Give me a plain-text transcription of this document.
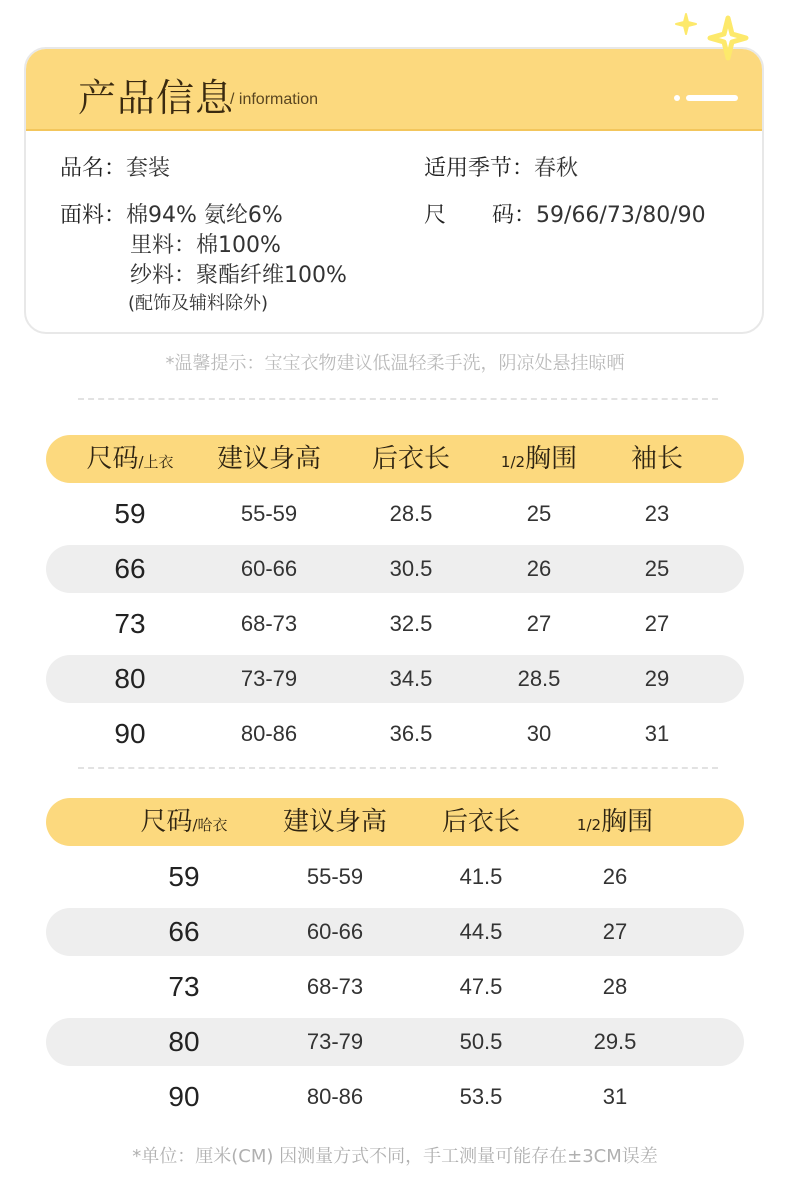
产品信息
/ information
品名：套装	适用季节：春秋
面料：棉94% 氨纶6%
里料：棉100%
纱料：聚酯纤维100%
(配饰及辅料除外)
尺 码：59/66/73/80/90
*温馨提示：宝宝衣物建议低温轻柔手洗，阴凉处悬挂晾晒
尺码/上衣 建议身高 后衣长	1/2胸围 袖长
59	55-59	28.5	25	23
66	60-66	30.5	26	25
73	68-73	32.5	27	27
80	73-79	34.5	28.5	29
90	80-86	36.5	30	31
尺码/哈衣 建议身高 后衣长	1/2胸围
59	55-59	41.5	26
66	60-66	44.5	27
73	68-73	47.5	28
80	73-79	50.5	29.5
90	80-86	53.5	31
*单位：厘米(CM) 因测量方式不同，手工测量可能存在±3CM误差
